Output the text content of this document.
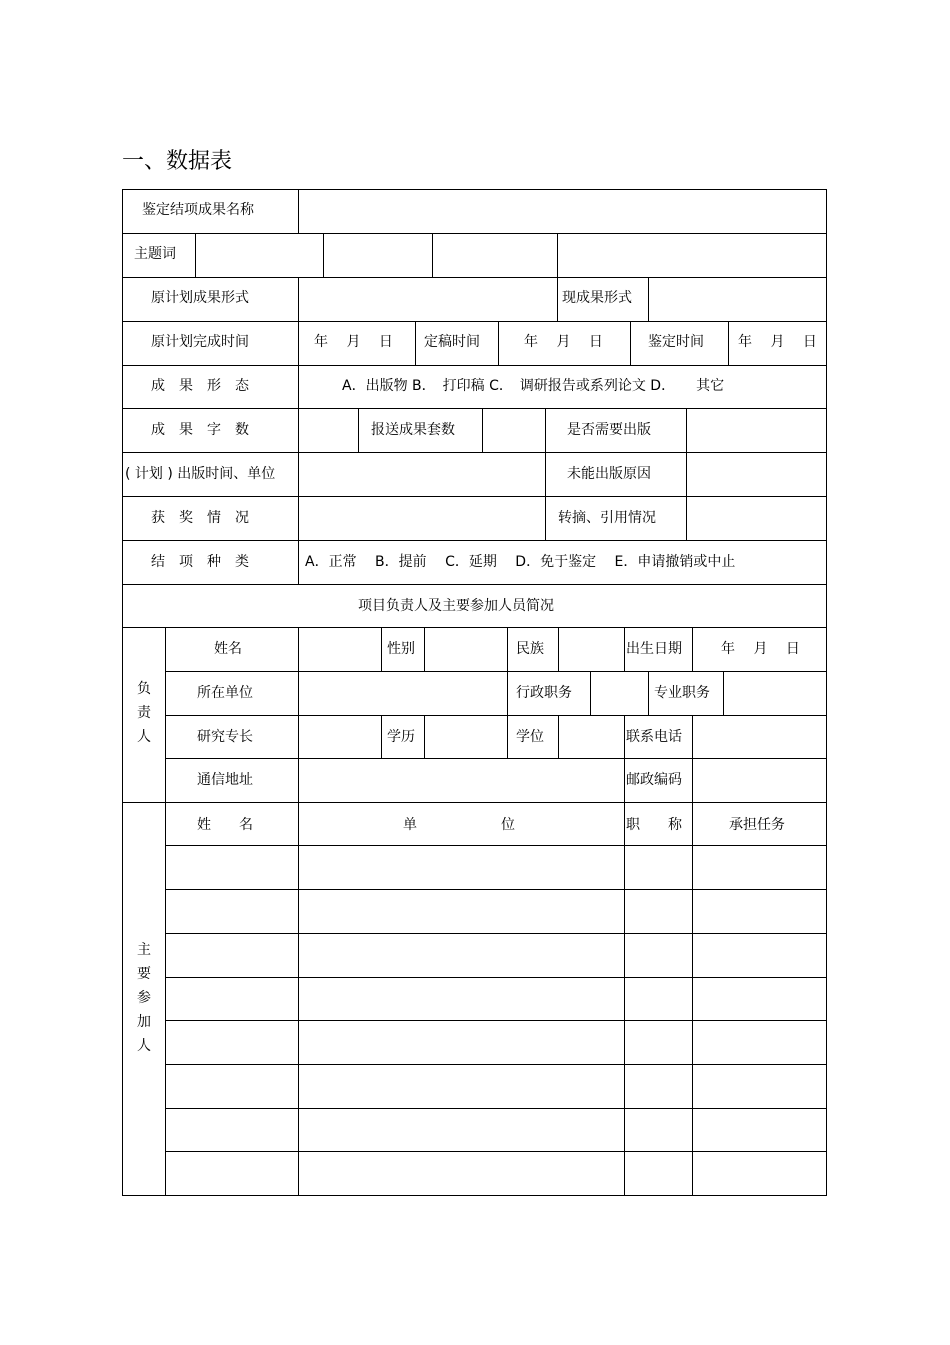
一、数据表
鉴定结项成果名称
主题词
原计划成果形式	现成果形式
原计划完成时间	年　 月　 日 定稿时间	年　 月　 日	鉴定时间 年　 月　 日
成　果　形　态	A．出版物 B．　打印稿 C．　调研报告或系列论文 D．　　其它
成　果　字　数	报送成果套数	是否需要出版
( 计划 ) 出版时间、单位	未能出版原因
获　奖　情　况	转摘、引用情况
结　项　种　类	A．正常　 B．提前　 C．延期　 D．免于鉴定　 E．申请撤销或中止
项目负责人及主要参加人员简况
负责人
姓名	性别	民族	出生日期	年　 月　 日
所在单位	行政职务	专业职务
研究专长	学历	学位	联系电话
通信地址	邮政编码
主要参加人
姓　　名	单　　　　　　位	职　　称	承担任务
